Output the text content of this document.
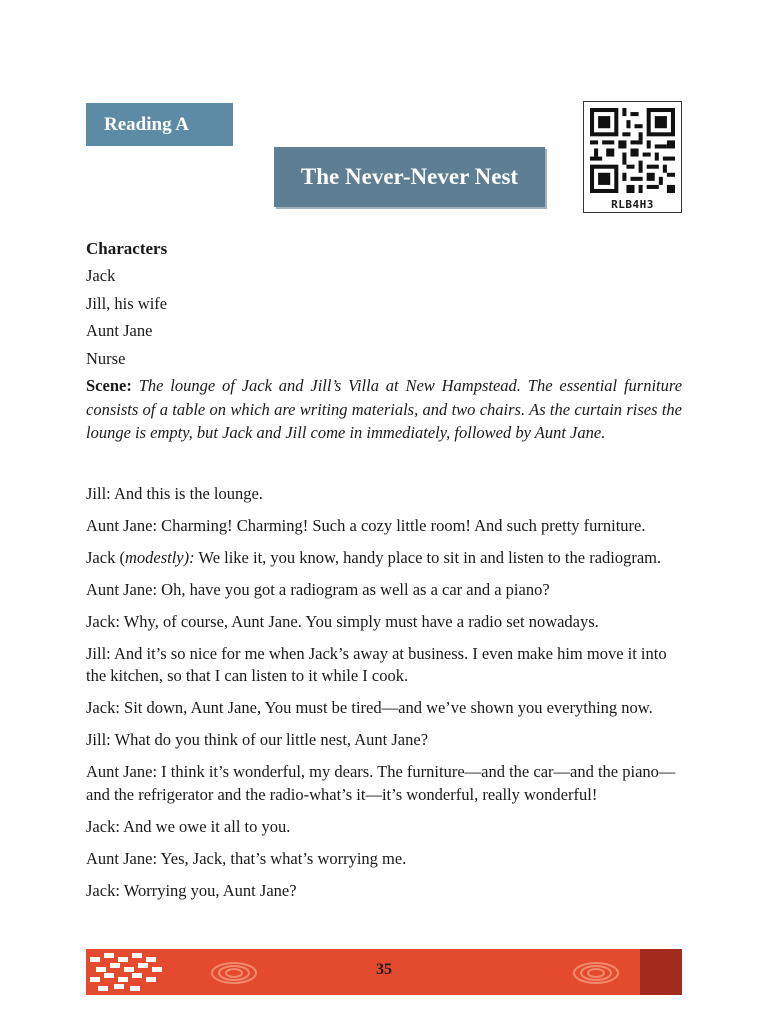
Reading A
The Never-Never Nest
RLB4H3
Characters
Jack
Jill, his wife
Aunt Jane
Nurse
Scene: The lounge of Jack and Jill’s Villa at New Hampstead. The essential furniture consists of a table on which are writing materials, and two chairs. As the curtain rises the lounge is empty, but Jack and Jill come in immediately, followed by Aunt Jane.
Jill: And this is the lounge.
Aunt Jane: Charming! Charming! Such a cozy little room! And such pretty furniture.
Jack (modestly): We like it, you know, handy place to sit in and listen to the radiogram.
Aunt Jane: Oh, have you got a radiogram as well as a car and a piano?
Jack: Why, of course, Aunt Jane. You simply must have a radio set nowadays.
Jill: And it’s so nice for me when Jack’s away at business. I even make him move it into the kitchen, so that I can listen to it while I cook.
Jack: Sit down, Aunt Jane, You must be tired—and we’ve shown you everything now.
Jill: What do you think of our little nest, Aunt Jane?
Aunt Jane: I think it’s wonderful, my dears. The furniture—and the car—and the piano—and the refrigerator and the radio-what’s it—it’s wonderful, really wonderful!
Jack: And we owe it all to you.
Aunt Jane: Yes, Jack, that’s what’s worrying me.
Jack: Worrying you, Aunt Jane?
35
